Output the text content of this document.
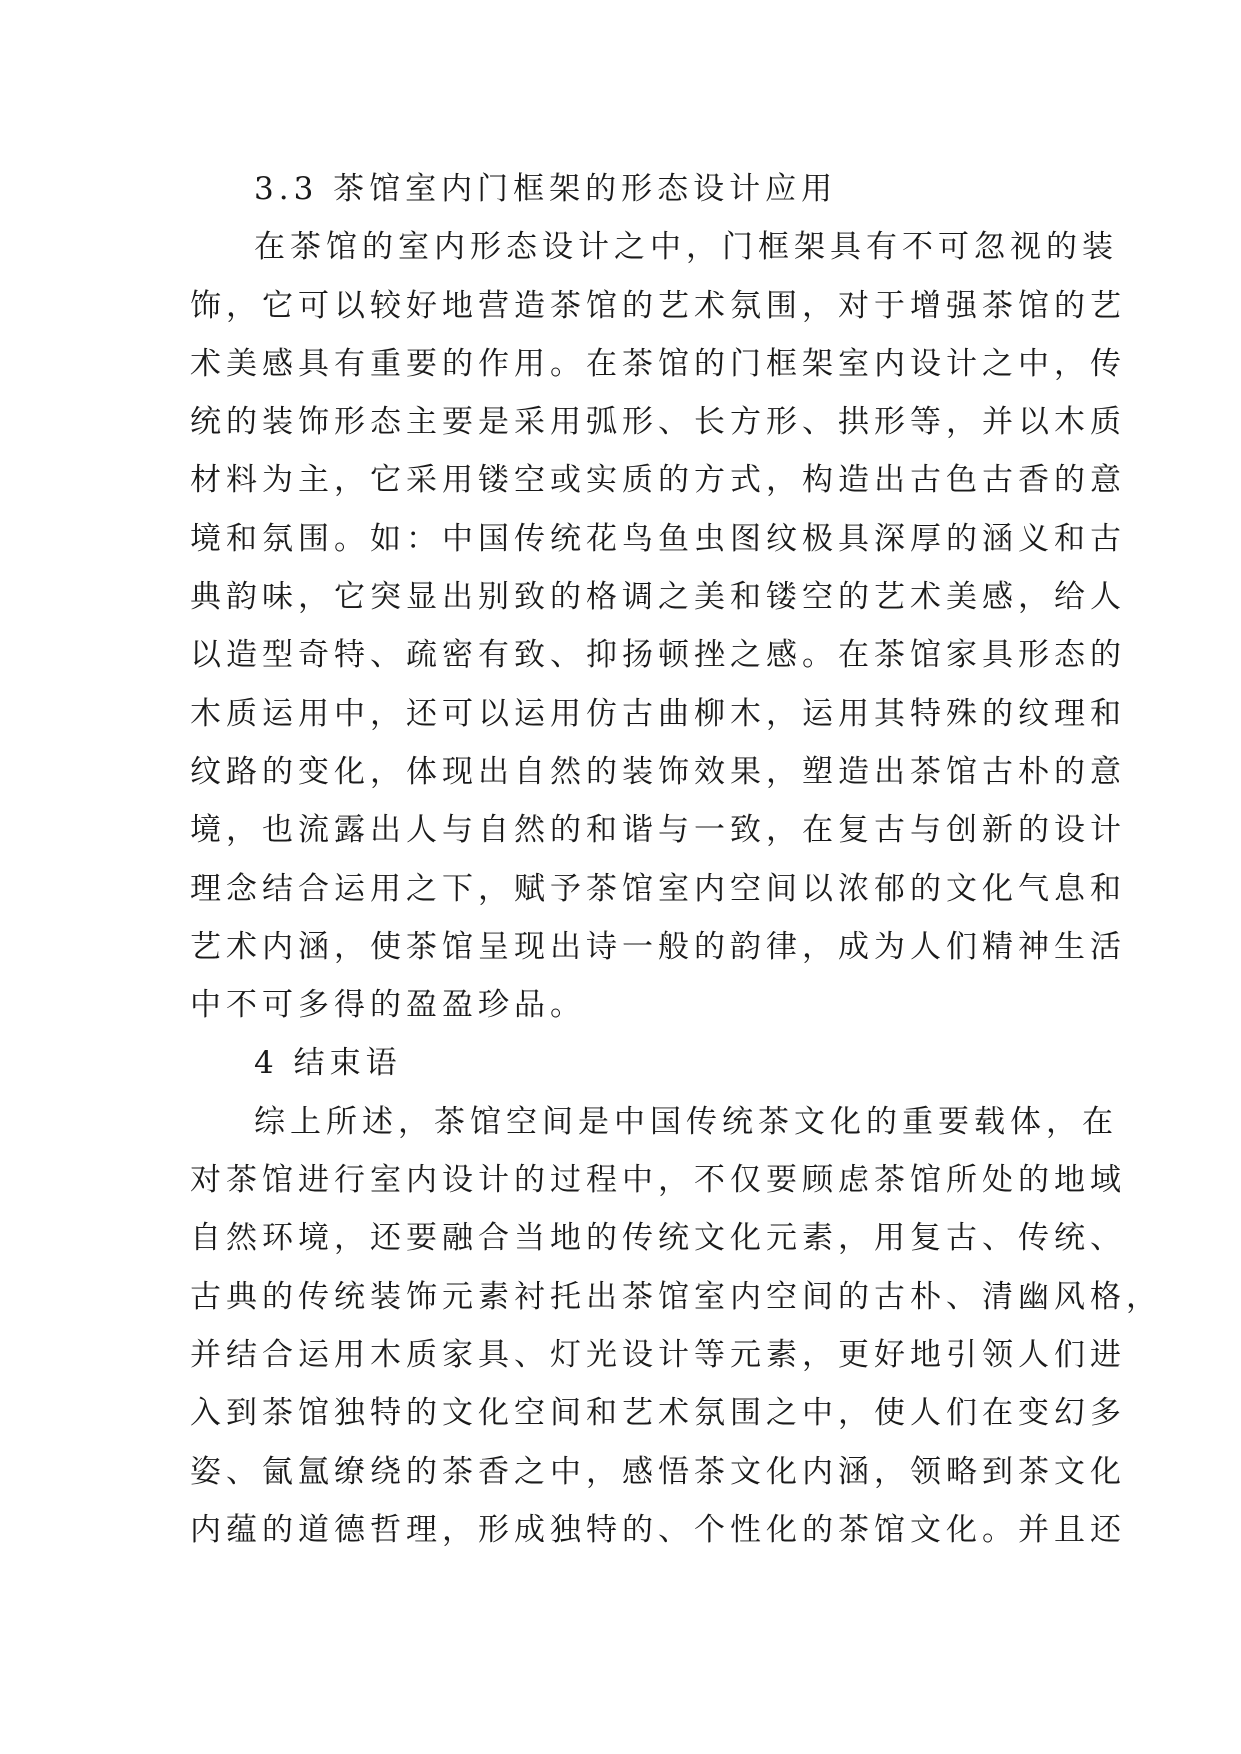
3.3 茶馆室内门框架的形态设计应用
在茶馆的室内形态设计之中，门框架具有不可忽视的装
饰，它可以较好地营造茶馆的艺术氛围，对于增强茶馆的艺
术美感具有重要的作用。在茶馆的门框架室内设计之中，传
统的装饰形态主要是采用弧形、长方形、拱形等，并以木质
材料为主，它采用镂空或实质的方式，构造出古色古香的意
境和氛围。如：中国传统花鸟鱼虫图纹极具深厚的涵义和古
典韵味，它突显出别致的格调之美和镂空的艺术美感，给人
以造型奇特、疏密有致、抑扬顿挫之感。在茶馆家具形态的
木质运用中，还可以运用仿古曲柳木，运用其特殊的纹理和
纹路的变化，体现出自然的装饰效果，塑造出茶馆古朴的意
境，也流露出人与自然的和谐与一致，在复古与创新的设计
理念结合运用之下，赋予茶馆室内空间以浓郁的文化气息和
艺术内涵，使茶馆呈现出诗一般的韵律，成为人们精神生活
中不可多得的盈盈珍品。
4 结束语
综上所述，茶馆空间是中国传统茶文化的重要载体，在
对茶馆进行室内设计的过程中，不仅要顾虑茶馆所处的地域
自然环境，还要融合当地的传统文化元素，用复古、传统、
古典的传统装饰元素衬托出茶馆室内空间的古朴、清幽风格，
并结合运用木质家具、灯光设计等元素，更好地引领人们进
入到茶馆独特的文化空间和艺术氛围之中，使人们在变幻多
姿、氤氲缭绕的茶香之中，感悟茶文化内涵，领略到茶文化
内蕴的道德哲理，形成独特的、个性化的茶馆文化。并且还
